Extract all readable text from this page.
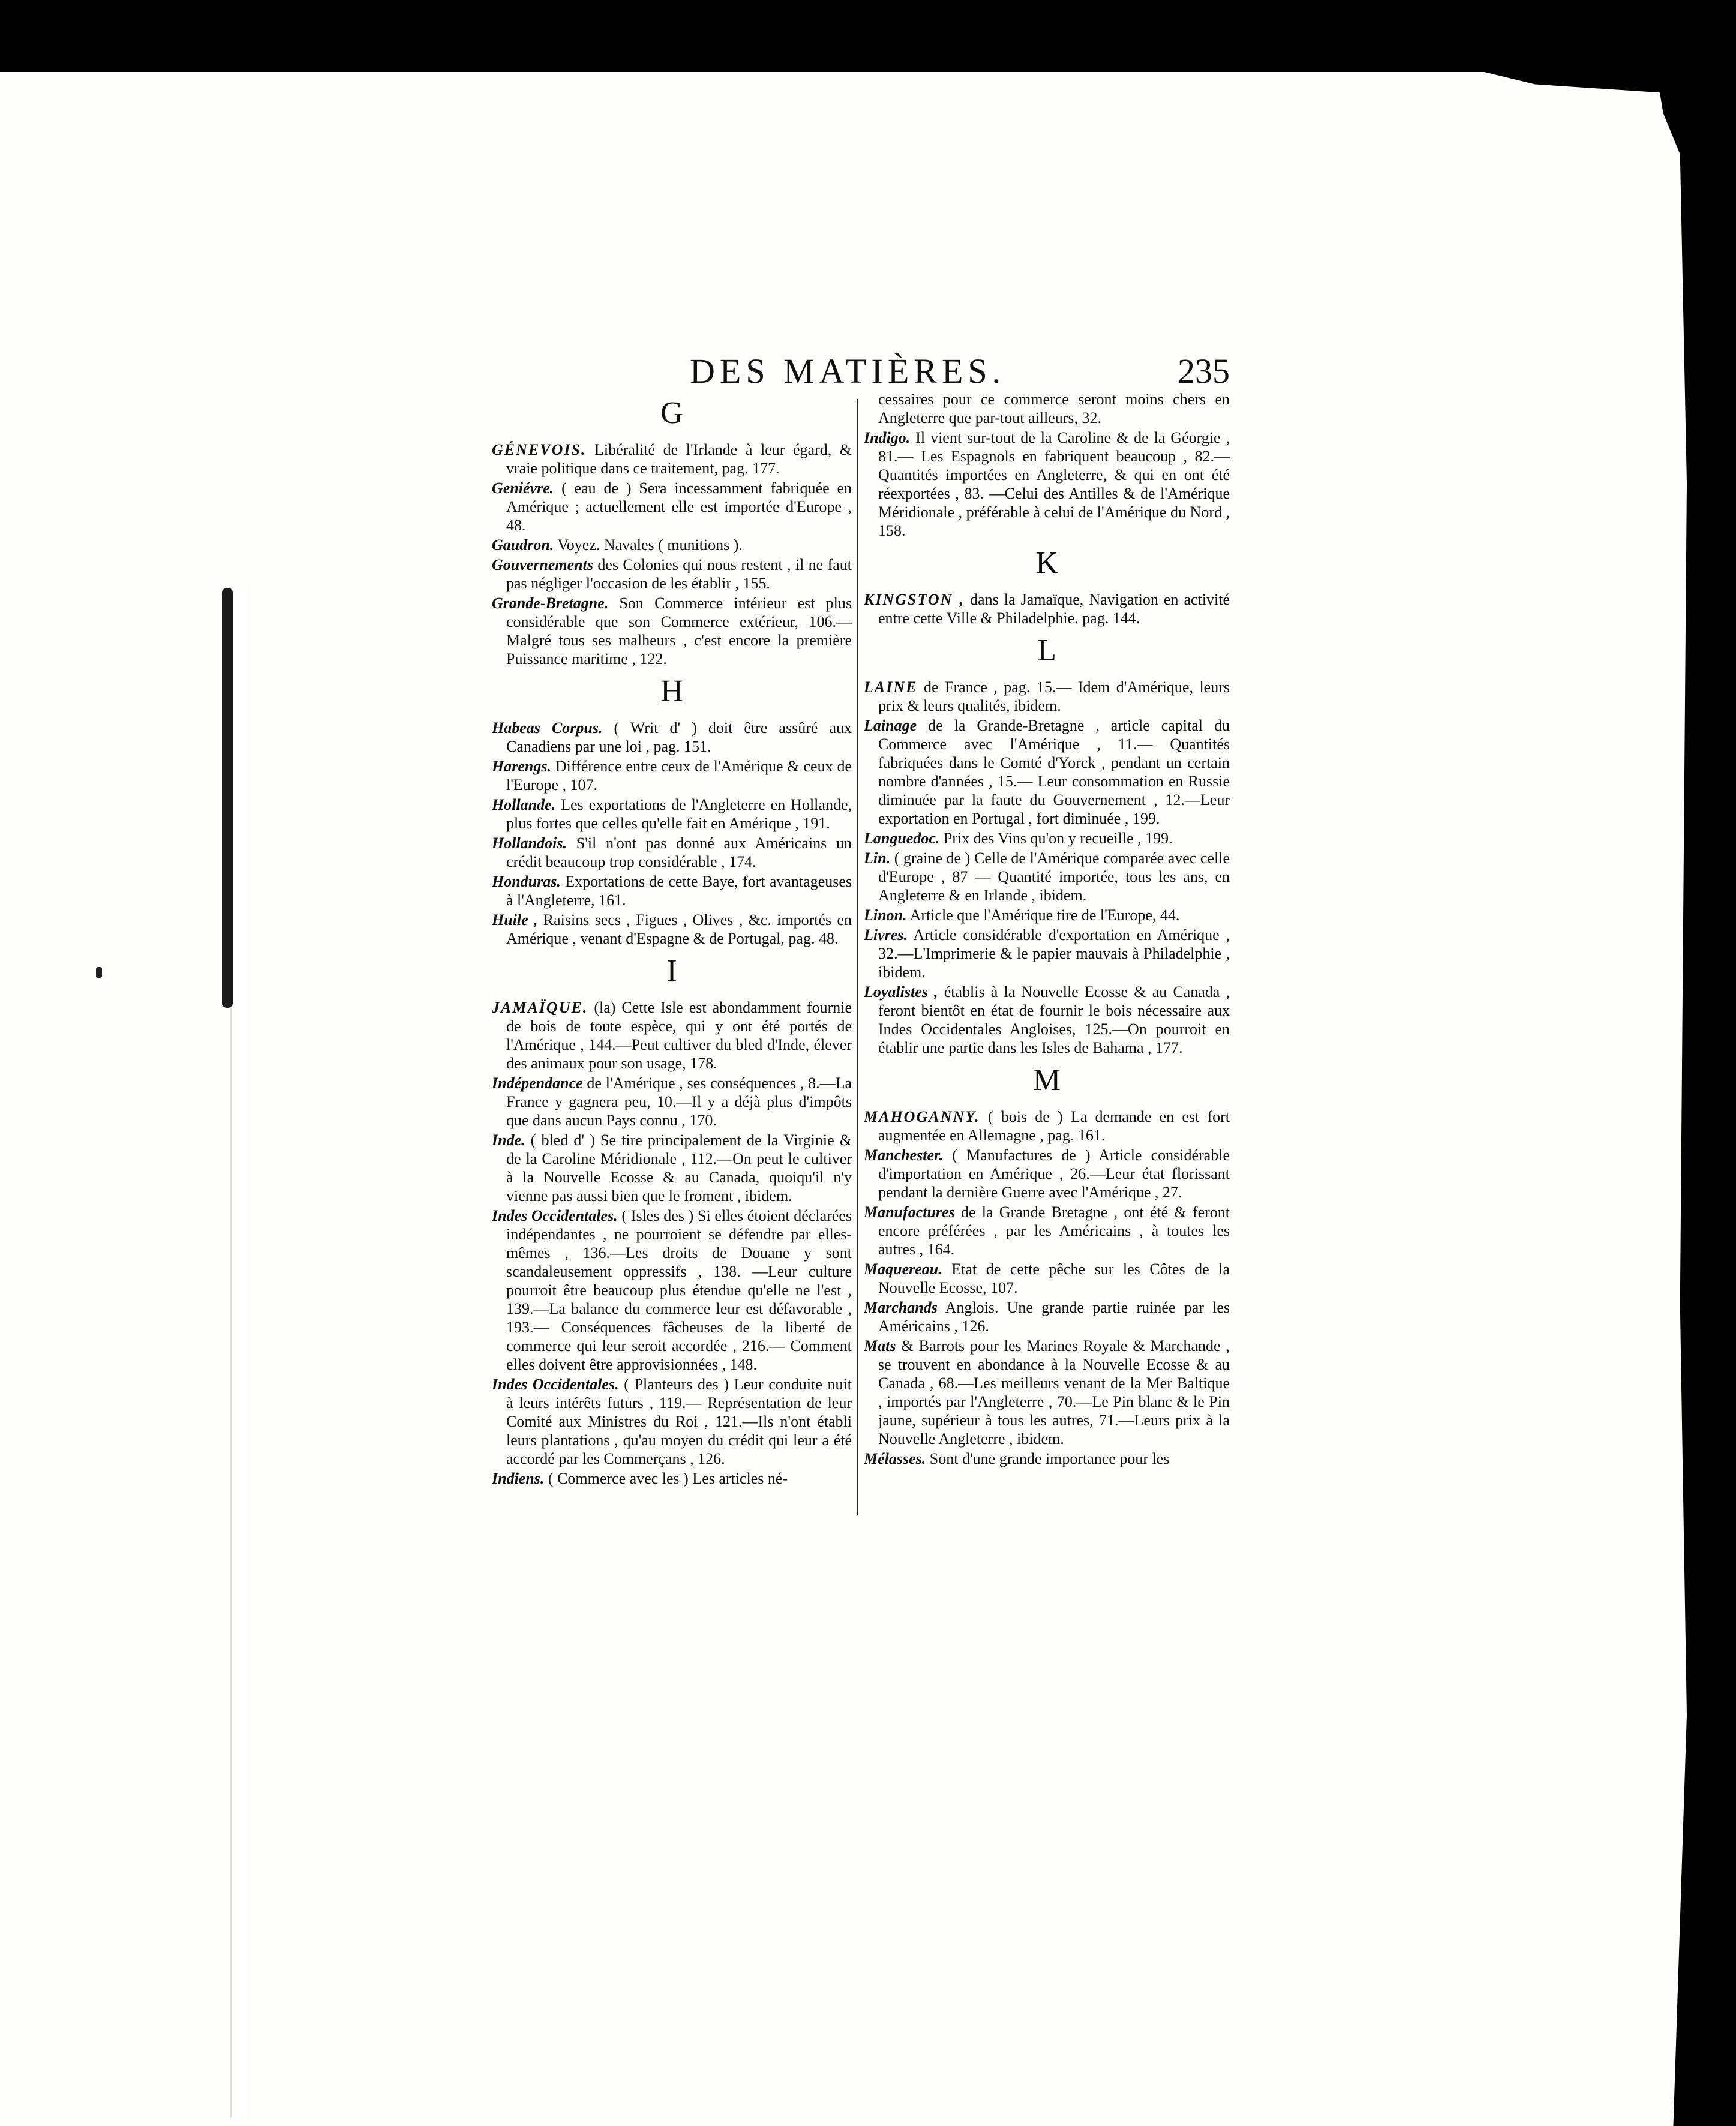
DES MATIÈRES.	235
G
GÉNEVOIS. Libéralité de l'Irlande à leur égard, & vraie politique dans ce traitement, pag. 177.
Geniévre. ( eau de ) Sera incessamment fabriquée en Amérique ; actuellement elle est importée d'Europe , 48.
Gaudron. Voyez. Navales ( munitions ).
Gouvernements des Colonies qui nous restent , il ne faut pas négliger l'occasion de les établir , 155.
Grande-Bretagne. Son Commerce intérieur est plus considérable que son Commerce extérieur, 106.—Malgré tous ses malheurs , c'est encore la première Puissance maritime , 122.
H
Habeas Corpus. ( Writ d' ) doit être assûré aux Canadiens par une loi , pag. 151.
Harengs. Différence entre ceux de l'Amérique & ceux de l'Europe , 107.
Hollande. Les exportations de l'Angleterre en Hollande, plus fortes que celles qu'elle fait en Amérique , 191.
Hollandois. S'il n'ont pas donné aux Américains un crédit beaucoup trop considérable , 174.
Honduras. Exportations de cette Baye, fort avantageuses à l'Angleterre, 161.
Huile , Raisins secs , Figues , Olives , &c. importés en Amérique , venant d'Espagne & de Portugal, pag. 48.
I
JAMAÏQUE. (la) Cette Isle est abondamment fournie de bois de toute espèce, qui y ont été portés de l'Amérique , 144.—Peut cultiver du bled d'Inde, élever des animaux pour son usage, 178.
Indépendance de l'Amérique , ses conséquences , 8.—La France y gagnera peu, 10.—Il y a déjà plus d'impôts que dans aucun Pays connu , 170.
Inde. ( bled d' ) Se tire principalement de la Virginie & de la Caroline Méridionale , 112.—On peut le cultiver à la Nouvelle Ecosse & au Canada, quoiqu'il n'y vienne pas aussi bien que le froment , ibidem.
Indes Occidentales. ( Isles des ) Si elles étoient déclarées indépendantes , ne pourroient se défendre par elles-mêmes , 136.—Les droits de Douane y sont scandaleusement oppressifs , 138. —Leur culture pourroit être beaucoup plus étendue qu'elle ne l'est , 139.—La balance du commerce leur est défavorable , 193.— Conséquences fâcheuses de la liberté de commerce qui leur seroit accordée , 216.— Comment elles doivent être approvisionnées , 148.
Indes Occidentales. ( Planteurs des ) Leur conduite nuit à leurs intérêts futurs , 119.— Représentation de leur Comité aux Ministres du Roi , 121.—Ils n'ont établi leurs plantations , qu'au moyen du crédit qui leur a été accordé par les Commerçans , 126.
Indiens. ( Commerce avec les ) Les articles né-
cessaires pour ce commerce seront moins chers en Angleterre que par-tout ailleurs, 32.
Indigo. Il vient sur-tout de la Caroline & de la Géorgie , 81.— Les Espagnols en fabriquent beaucoup , 82.— Quantités importées en Angleterre, & qui en ont été réexportées , 83. —Celui des Antilles & de l'Amérique Méridionale , préférable à celui de l'Amérique du Nord , 158.
K
KINGSTON , dans la Jamaïque, Navigation en activité entre cette Ville & Philadelphie. pag. 144.
L
LAINE de France , pag. 15.— Idem d'Amérique, leurs prix & leurs qualités, ibidem.
Lainage de la Grande-Bretagne , article capital du Commerce avec l'Amérique , 11.— Quantités fabriquées dans le Comté d'Yorck , pendant un certain nombre d'années , 15.— Leur consommation en Russie diminuée par la faute du Gouvernement , 12.—Leur exportation en Portugal , fort diminuée , 199.
Languedoc. Prix des Vins qu'on y recueille , 199.
Lin. ( graine de ) Celle de l'Amérique comparée avec celle d'Europe , 87 — Quantité importée, tous les ans, en Angleterre & en Irlande , ibidem.
Linon. Article que l'Amérique tire de l'Europe, 44.
Livres. Article considérable d'exportation en Amérique , 32.—L'Imprimerie & le papier mauvais à Philadelphie , ibidem.
Loyalistes , établis à la Nouvelle Ecosse & au Canada , feront bientôt en état de fournir le bois nécessaire aux Indes Occidentales Angloises, 125.—On pourroit en établir une partie dans les Isles de Bahama , 177.
M
MAHOGANNY. ( bois de ) La demande en est fort augmentée en Allemagne , pag. 161.
Manchester. ( Manufactures de ) Article considérable d'importation en Amérique , 26.—Leur état florissant pendant la dernière Guerre avec l'Amérique , 27.
Manufactures de la Grande Bretagne , ont été & feront encore préférées , par les Américains , à toutes les autres , 164.
Maquereau. Etat de cette pêche sur les Côtes de la Nouvelle Ecosse, 107.
Marchands Anglois. Une grande partie ruinée par les Américains , 126.
Mats & Barrots pour les Marines Royale & Marchande , se trouvent en abondance à la Nouvelle Ecosse & au Canada , 68.—Les meilleurs venant de la Mer Baltique , importés par l'Angleterre , 70.—Le Pin blanc & le Pin jaune, supérieur à tous les autres, 71.—Leurs prix à la Nouvelle Angleterre , ibidem.
Mélasses. Sont d'une grande importance pour les
